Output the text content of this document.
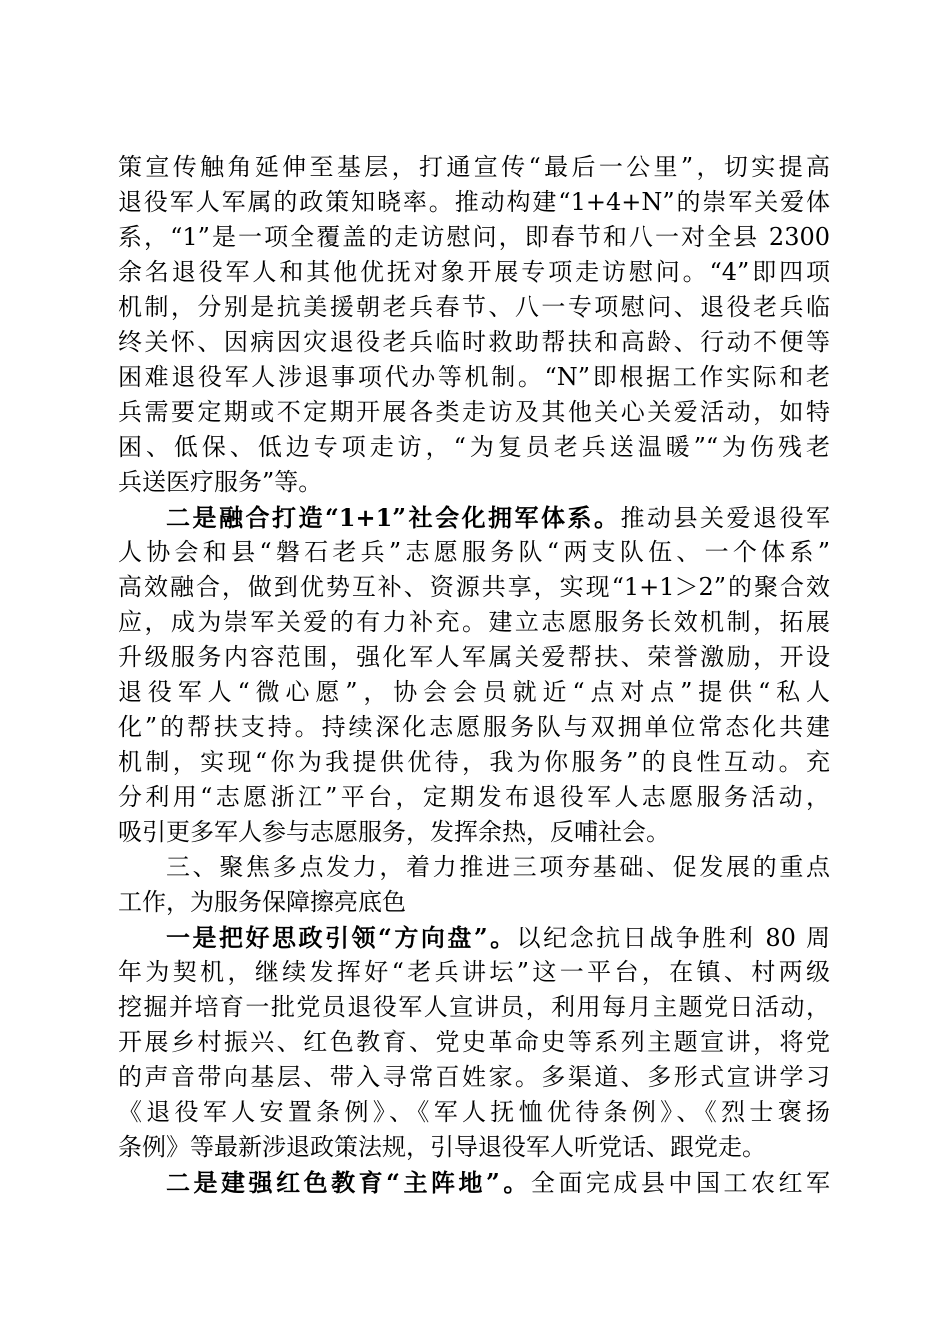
策宣传触角延伸至基层，打通宣传“最后一公里”，切实提高
退役军人军属的政策知晓率。推动构建“1+4+N”的崇军关爱体
系，“1”是一项全覆盖的走访慰问，即春节和八一对全县 2300
余名退役军人和其他优抚对象开展专项走访慰问。“4”即四项
机制，分别是抗美援朝老兵春节、八一专项慰问、退役老兵临
终关怀、因病因灾退役老兵临时救助帮扶和高龄、行动不便等
困难退役军人涉退事项代办等机制。“N”即根据工作实际和老
兵需要定期或不定期开展各类走访及其他关心关爱活动，如特
困、低保、低边专项走访，“为复员老兵送温暖”“为伤残老
兵送医疗服务”等。
二是融合打造“1+1”社会化拥军体系。推动县关爱退役军
人协会和县“磐石老兵”志愿服务队“两支队伍、一个体系”
高效融合，做到优势互补、资源共享，实现“1+1＞2”的聚合效
应，成为崇军关爱的有力补充。建立志愿服务长效机制，拓展
升级服务内容范围，强化军人军属关爱帮扶、荣誉激励，开设
退役军人“微心愿”，协会会员就近“点对点”提供“私人
化”的帮扶支持。持续深化志愿服务队与双拥单位常态化共建
机制，实现“你为我提供优待，我为你服务”的良性互动。充
分利用“志愿浙江”平台，定期发布退役军人志愿服务活动，
吸引更多军人参与志愿服务，发挥余热，反哺社会。
三、聚焦多点发力，着力推进三项夯基础、促发展的重点
工作，为服务保障擦亮底色
一是把好思政引领“方向盘”。以纪念抗日战争胜利 80 周
年为契机，继续发挥好“老兵讲坛”这一平台，在镇、村两级
挖掘并培育一批党员退役军人宣讲员，利用每月主题党日活动，
开展乡村振兴、红色教育、党史革命史等系列主题宣讲，将党
的声音带向基层、带入寻常百姓家。多渠道、多形式宣讲学习
《退役军人安置条例》、《军人抚恤优待条例》、《烈士褒扬
条例》等最新涉退政策法规，引导退役军人听党话、跟党走。
二是建强红色教育“主阵地”。全面完成县中国工农红军
